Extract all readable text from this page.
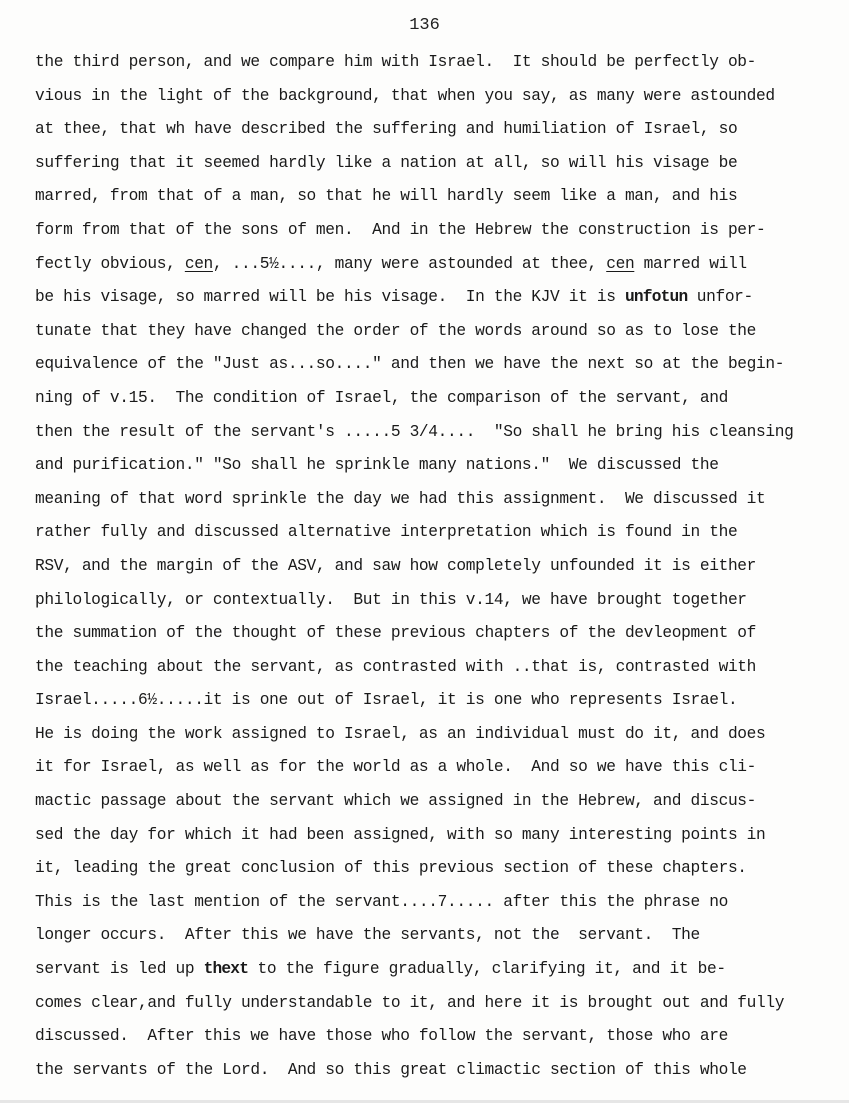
136
the third person, and we compare him with Israel.  It should be perfectly ob-
vious in the light of the background, that when you say, as many were astounded
at thee, that wh have described the suffering and humiliation of Israel, so
suffering that it seemed hardly like a nation at all, so will his visage be
marred, from that of a man, so that he will hardly seem like a man, and his
form from that of the sons of men.  And in the Hebrew the construction is per-
fectly obvious, cen, ...5½...., many were astounded at thee, cen marred will
be his visage, so marred will be his visage.  In the KJV it is unfotun unfor-
tunate that they have changed the order of the words around so as to lose the
equivalence of the "Just as...so...." and then we have the next so at the begin-
ning of v.15.  The condition of Israel, the comparison of the servant, and
then the result of the servant's .....5 3/4....  "So shall he bring his cleansing
and purification." "So shall he sprinkle many nations."  We discussed the
meaning of that word sprinkle the day we had this assignment.  We discussed it
rather fully and discussed alternative interpretation which is found in the
RSV, and the margin of the ASV, and saw how completely unfounded it is either
philologically, or contextually.  But in this v.14, we have brought together
the summation of the thought of these previous chapters of the devleopment of
the teaching about the servant, as contrasted with ..that is, contrasted with
Israel.....6½.....it is one out of Israel, it is one who represents Israel.
He is doing the work assigned to Israel, as an individual must do it, and does
it for Israel, as well as for the world as a whole.  And so we have this cli-
mactic passage about the servant which we assigned in the Hebrew, and discus-
sed the day for which it had been assigned, with so many interesting points in
it, leading the great conclusion of this previous section of these chapters.
This is the last mention of the servant....7..... after this the phrase no
longer occurs.  After this we have the servants, not the  servant.  The
servant is led up thext to the figure gradually, clarifying it, and it be-
comes clear,and fully understandable to it, and here it is brought out and fully
discussed.  After this we have those who follow the servant, those who are
the servants of the Lord.  And so this great climactic section of this whole
